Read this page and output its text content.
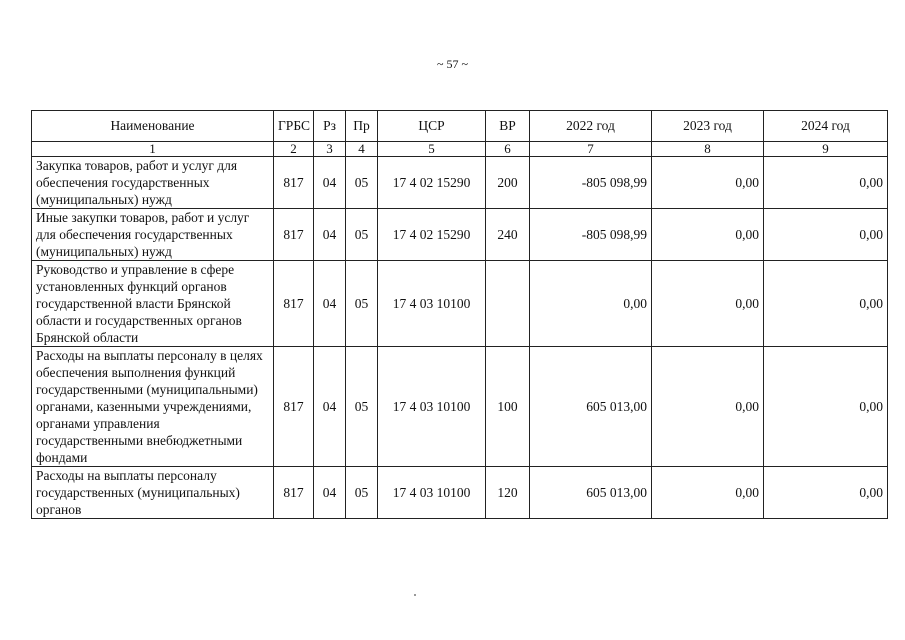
~ 57 ~
Наименование	ГРБС	Рз	Пр	ЦСР	ВР	2022 год	2023 год	2024 год
1	2	3	4	5	6	7	8	9
Закупка товаров, работ и услуг для обеспечения государственных (муниципальных) нужд	817	04	05	17 4 02 15290	200	-805 098,99	0,00	0,00
Иные закупки товаров, работ и услуг для обеспечения государственных (муниципальных) нужд	817	04	05	17 4 02 15290	240	-805 098,99	0,00	0,00
Руководство и управление в сфере установленных функций органов государственной власти Брянской области и государственных органов Брянской области	817	04	05	17 4 03 10100		0,00	0,00	0,00
Расходы на выплаты персоналу в целях обеспечения выполнения функций государственными (муниципальными) органами, казенными учреждениями, органами управления государственными внебюджетными фондами	817	04	05	17 4 03 10100	100	605 013,00	0,00	0,00
Расходы на выплаты персоналу государственных (муниципальных) органов	817	04	05	17 4 03 10100	120	605 013,00	0,00	0,00
